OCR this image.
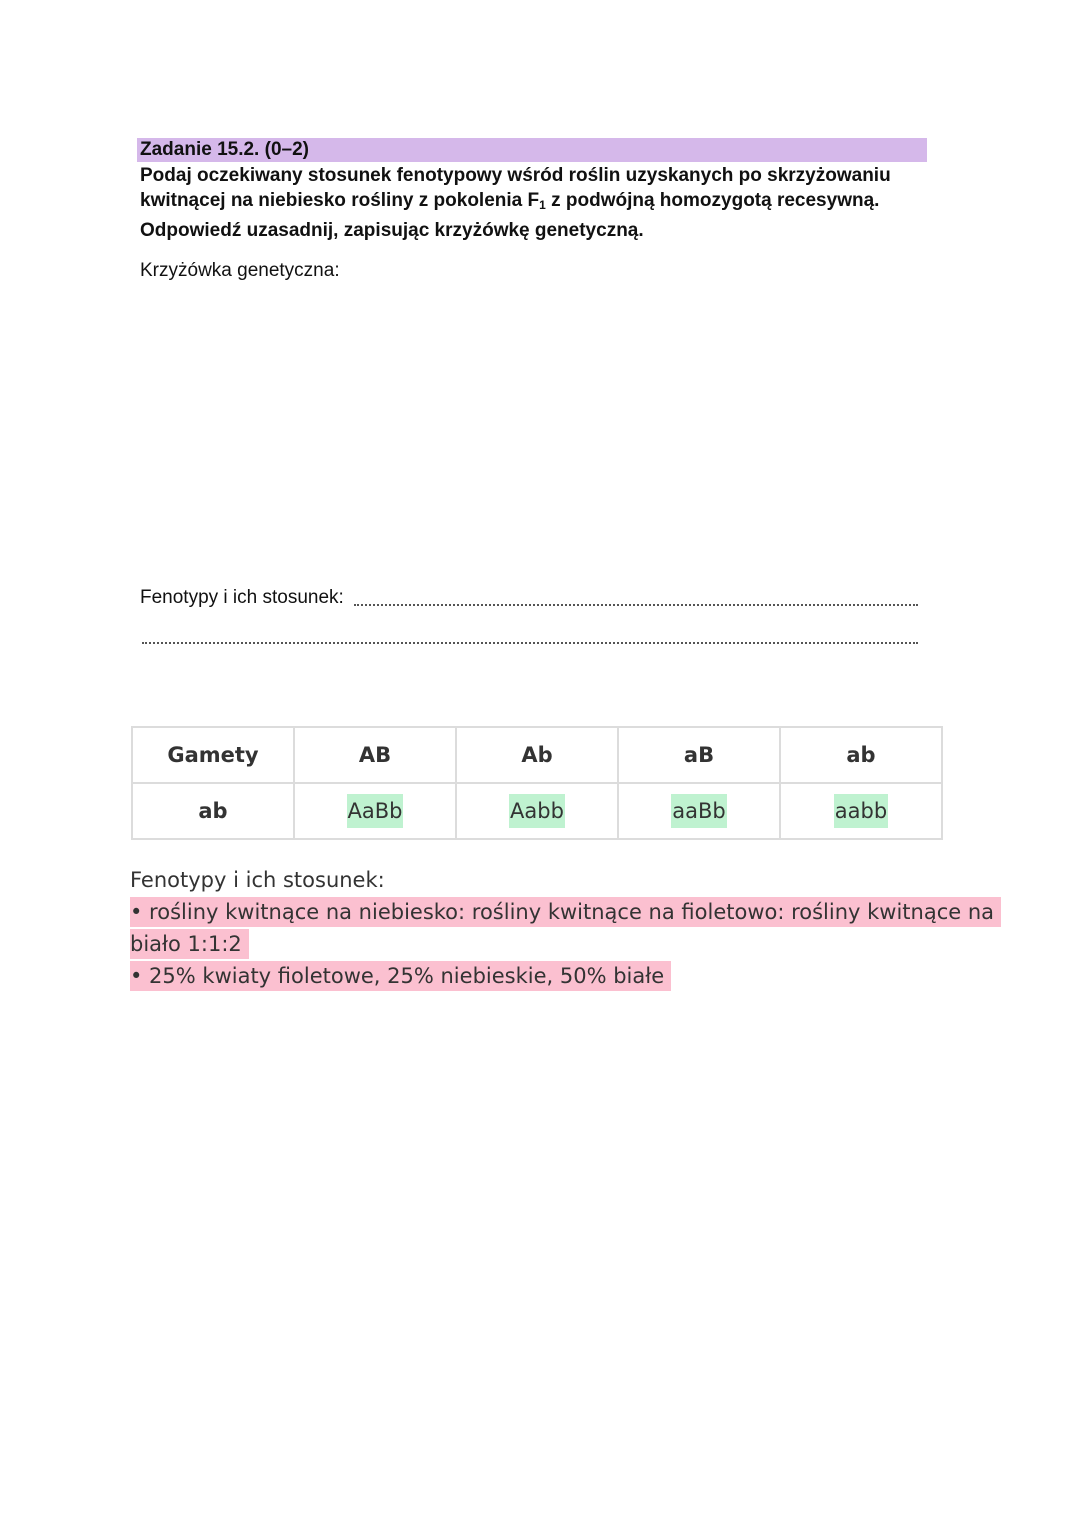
Zadanie 15.2. (0–2)

Podaj oczekiwany stosunek fenotypowy wśród roślin uzyskanych po skrzyżowaniu

kwitnącej na niebiesko rośliny z pokolenia $F_1$ z podwójną homozygotą recesywną.

Odpowiedź uzasadnij, zapisując krzyżówkę genetyczną.

Krzyżówka genetyczna:
Fenotypy i ich stosunek:
Gamety	AB	Ab	aB	ab
ab	AaBb	Aabb	aaBb	aabb
Fenotypy i ich stosunek:
• rośliny kwitnące na niebiesko: rośliny kwitnące na fioletowo: rośliny kwitnące na
biało 1:1:2
• 25% kwiaty fioletowe, 25% niebieskie, 50% białe
